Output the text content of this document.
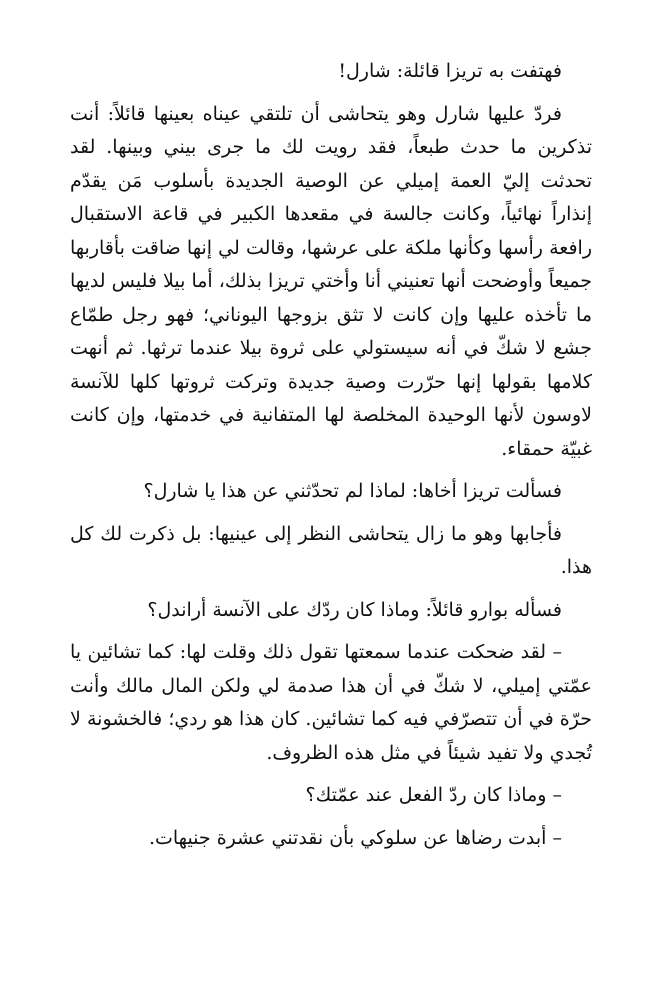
فهتفت به تريزا قائلة: شارل!

فردّ عليها شارل وهو يتحاشى أن تلتقي عيناه بعينها قائلاً: أنت تذكرين ما حدث طبعاً، فقد رويت لك ما جرى بيني وبينها. لقد تحدثت إليّ العمة إميلي عن الوصية الجديدة بأسلوب مَن يقدّم إنذاراً نهائياً، وكانت جالسة في مقعدها الكبير في قاعة الاستقبال رافعة رأسها وكأنها ملكة على عرشها، وقالت لي إنها ضاقت بأقاربها جميعاً وأوضحت أنها تعنيني أنا وأختي تريزا بذلك، أما بيلا فليس لديها ما تأخذه عليها وإن كانت لا تثق بزوجها اليوناني؛ فهو رجل طمّاع جشع لا شكّ في أنه سيستولي على ثروة بيلا عندما ترثها. ثم أنهت كلامها بقولها إنها حرّرت وصية جديدة وتركت ثروتها كلها للآنسة لاوسون لأنها الوحيدة المخلصة لها المتفانية في خدمتها، وإن كانت غبيّة حمقاء.

فسألت تريزا أخاها: لماذا لم تحدّثني عن هذا يا شارل؟

فأجابها وهو ما زال يتحاشى النظر إلى عينيها: بل ذكرت لك كل هذا.

فسأله بوارو قائلاً: وماذا كان ردّك على الآنسة أراندل؟

– لقد ضحكت عندما سمعتها تقول ذلك وقلت لها: كما تشائين يا عمّتي إميلي، لا شكّ في أن هذا صدمة لي ولكن المال مالك وأنت حرّة في أن تتصرّفي فيه كما تشائين. كان هذا هو ردي؛ فالخشونة لا تُجدي ولا تفيد شيئاً في مثل هذه الظروف.

– وماذا كان ردّ الفعل عند عمّتك؟

– أبدت رضاها عن سلوكي بأن نقدتني عشرة جنيهات.
